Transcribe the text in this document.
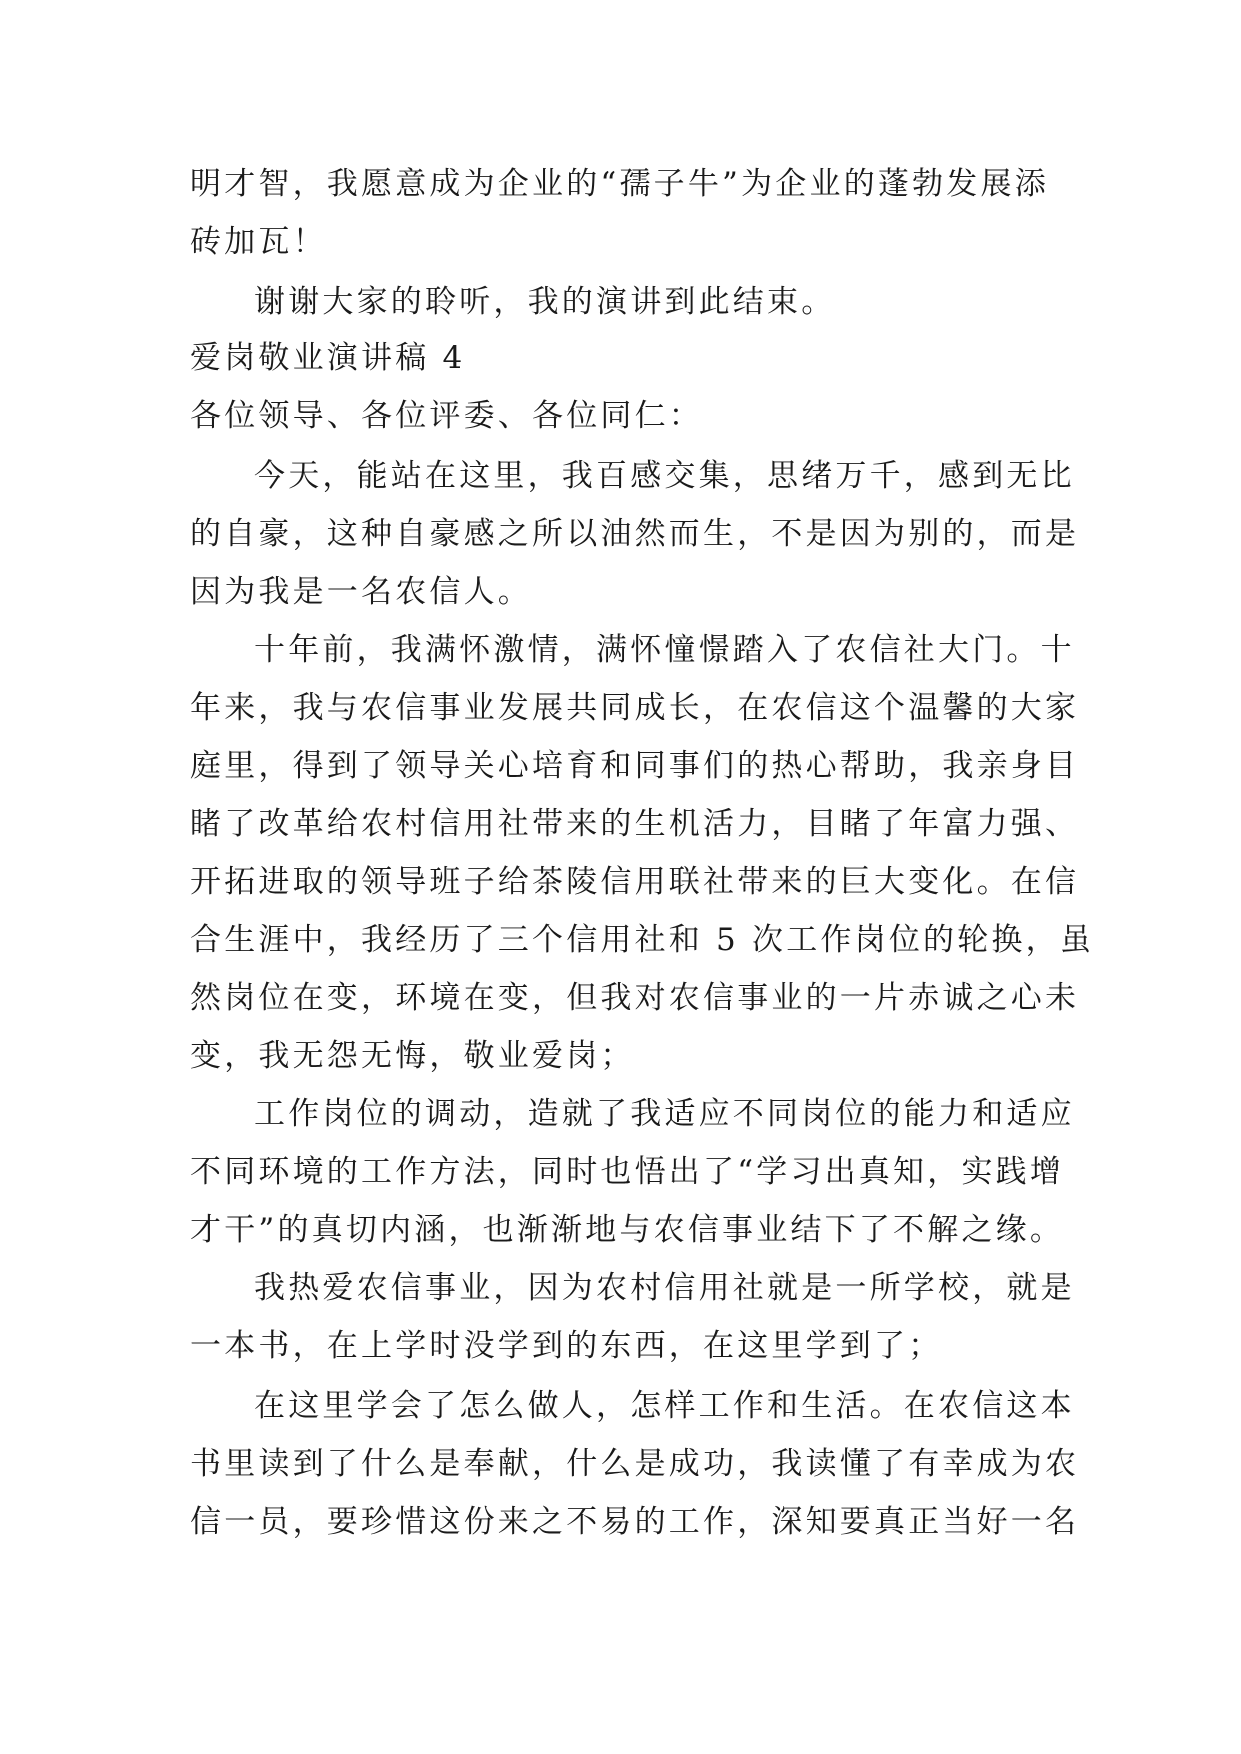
明才智，我愿意成为企业的“孺子牛”为企业的蓬勃发展添
砖加瓦！
谢谢大家的聆听，我的演讲到此结束。
爱岗敬业演讲稿 4
各位领导、各位评委、各位同仁：
今天，能站在这里，我百感交集，思绪万千，感到无比
的自豪，这种自豪感之所以油然而生，不是因为别的，而是
因为我是一名农信人。
十年前，我满怀激情，满怀憧憬踏入了农信社大门。十
年来，我与农信事业发展共同成长，在农信这个温馨的大家
庭里，得到了领导关心培育和同事们的热心帮助，我亲身目
睹了改革给农村信用社带来的生机活力，目睹了年富力强、
开拓进取的领导班子给茶陵信用联社带来的巨大变化。在信
合生涯中，我经历了三个信用社和 5 次工作岗位的轮换，虽
然岗位在变，环境在变，但我对农信事业的一片赤诚之心未
变，我无怨无悔，敬业爱岗；
工作岗位的调动，造就了我适应不同岗位的能力和适应
不同环境的工作方法，同时也悟出了“学习出真知，实践增
才干”的真切内涵，也渐渐地与农信事业结下了不解之缘。
我热爱农信事业，因为农村信用社就是一所学校，就是
一本书，在上学时没学到的东西，在这里学到了；
在这里学会了怎么做人，怎样工作和生活。在农信这本
书里读到了什么是奉献，什么是成功，我读懂了有幸成为农
信一员，要珍惜这份来之不易的工作，深知要真正当好一名
